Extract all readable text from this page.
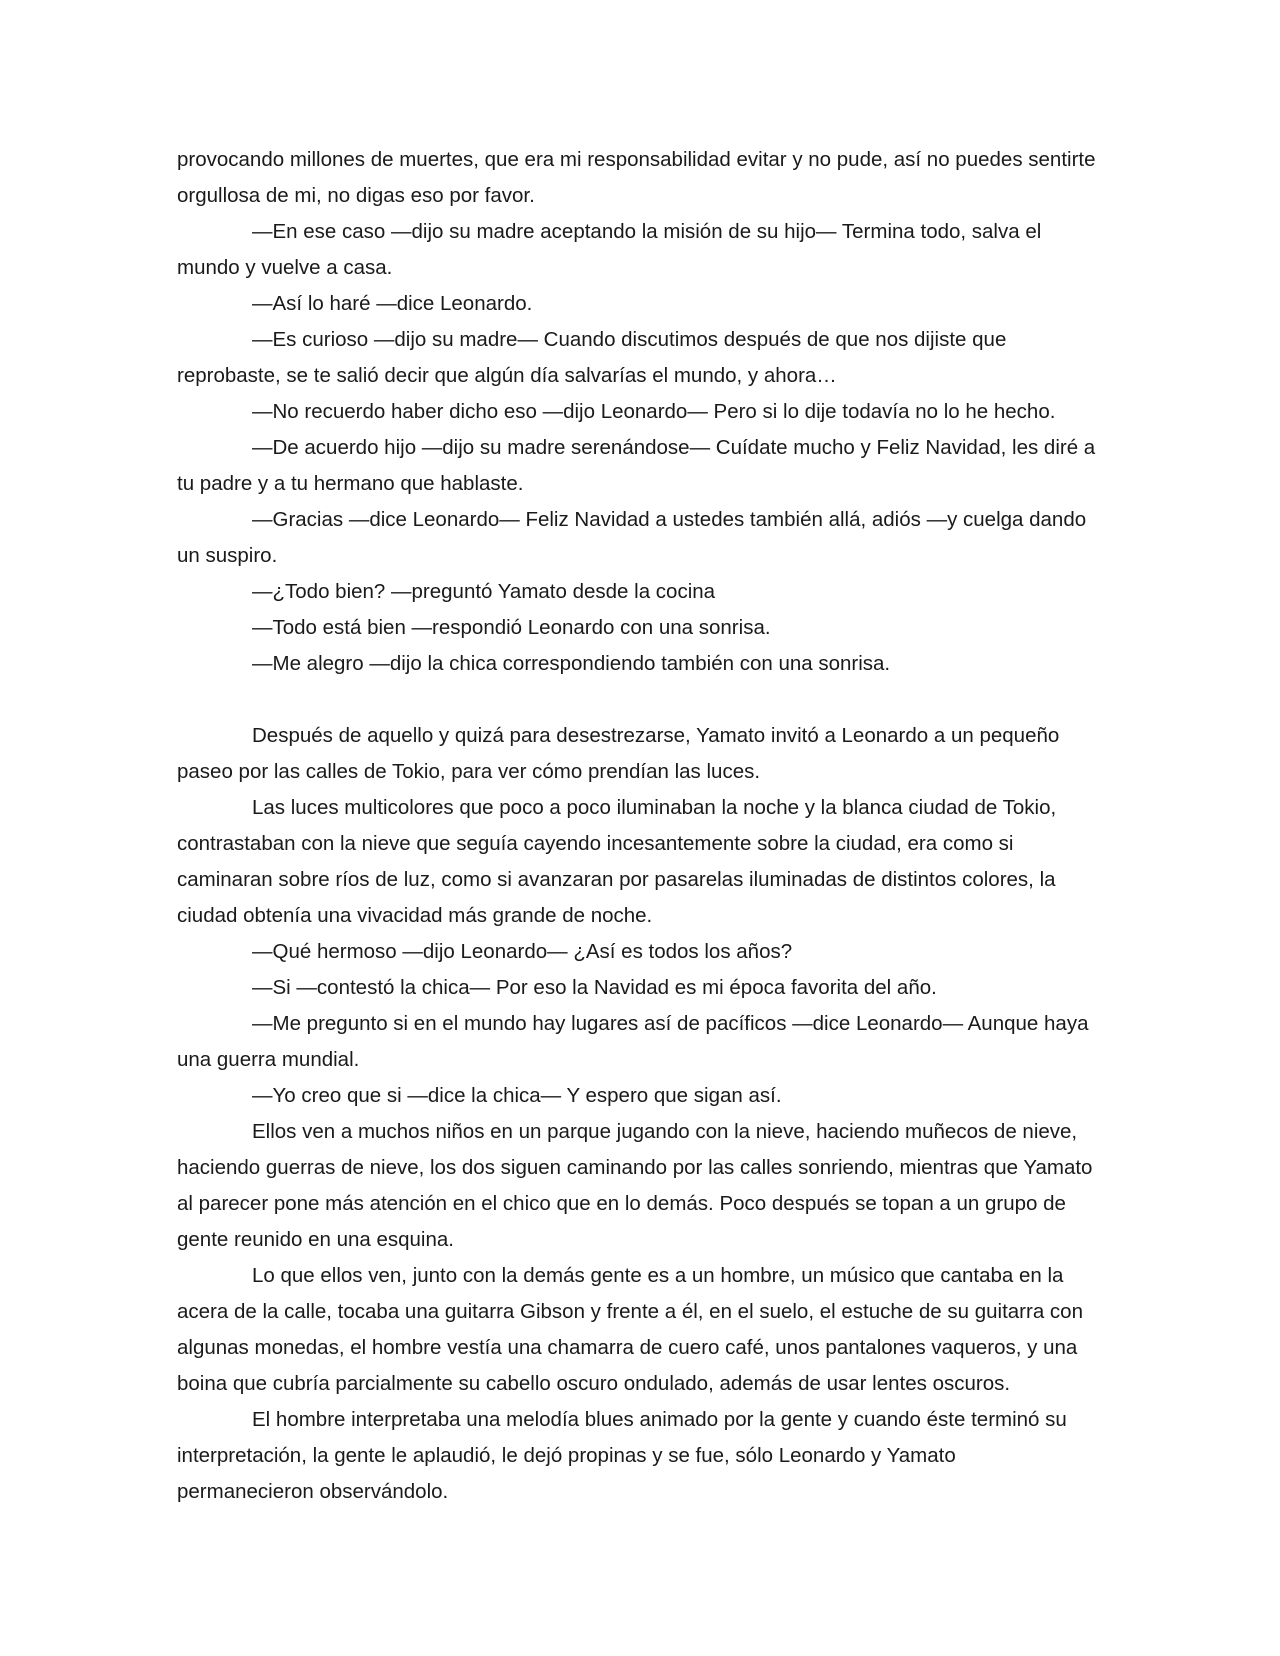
provocando millones de muertes, que era mi responsabilidad evitar y no pude, así no puedes sentirte orgullosa de mi, no digas eso por favor.

—En ese caso —dijo su madre aceptando la misión de su hijo— Termina todo, salva el mundo y vuelve a casa.

—Así lo haré —dice Leonardo.

—Es curioso —dijo su madre— Cuando discutimos después de que nos dijiste que reprobaste, se te salió decir que algún día salvarías el mundo, y ahora…

—No recuerdo haber dicho eso —dijo Leonardo— Pero si lo dije todavía no lo he hecho.

—De acuerdo hijo —dijo su madre serenándose— Cuídate mucho y Feliz Navidad, les diré a tu padre y a tu hermano que hablaste.

—Gracias —dice Leonardo— Feliz Navidad a ustedes también allá, adiós —y cuelga dando un suspiro.

—¿Todo bien? —preguntó Yamato desde la cocina

—Todo está bien —respondió Leonardo con una sonrisa.

—Me alegro —dijo la chica correspondiendo también con una sonrisa.

Después de aquello y quizá para desestrezarse, Yamato invitó a Leonardo a un pequeño paseo por las calles de Tokio, para ver cómo prendían las luces.

Las luces multicolores que poco a poco iluminaban la noche y la blanca ciudad de Tokio, contrastaban con la nieve que seguía cayendo incesantemente sobre la ciudad, era como si caminaran sobre ríos de luz, como si avanzaran por pasarelas iluminadas de distintos colores, la ciudad obtenía una vivacidad más grande de noche.

—Qué hermoso —dijo Leonardo— ¿Así es todos los años?

—Si —contestó la chica— Por eso la Navidad es mi época favorita del año.

—Me pregunto si en el mundo hay lugares así de pacíficos —dice Leonardo— Aunque haya una guerra mundial.

—Yo creo que si —dice la chica— Y espero que sigan así.

Ellos ven a muchos niños en un parque jugando con la nieve, haciendo muñecos de nieve, haciendo guerras de nieve, los dos siguen caminando por las calles sonriendo, mientras que Yamato al parecer pone más atención en el chico que en lo demás. Poco después se topan a un grupo de gente reunido en una esquina.

Lo que ellos ven, junto con la demás gente es a un hombre, un músico que cantaba en la acera de la calle, tocaba una guitarra Gibson y frente a él, en el suelo, el estuche de su guitarra con algunas monedas, el hombre vestía una chamarra de cuero café, unos pantalones vaqueros, y una boina que cubría parcialmente su cabello oscuro ondulado, además de usar lentes oscuros.

El hombre interpretaba una melodía blues animado por la gente y cuando éste terminó su interpretación, la gente le aplaudió, le dejó propinas y se fue, sólo Leonardo y Yamato permanecieron observándolo.
